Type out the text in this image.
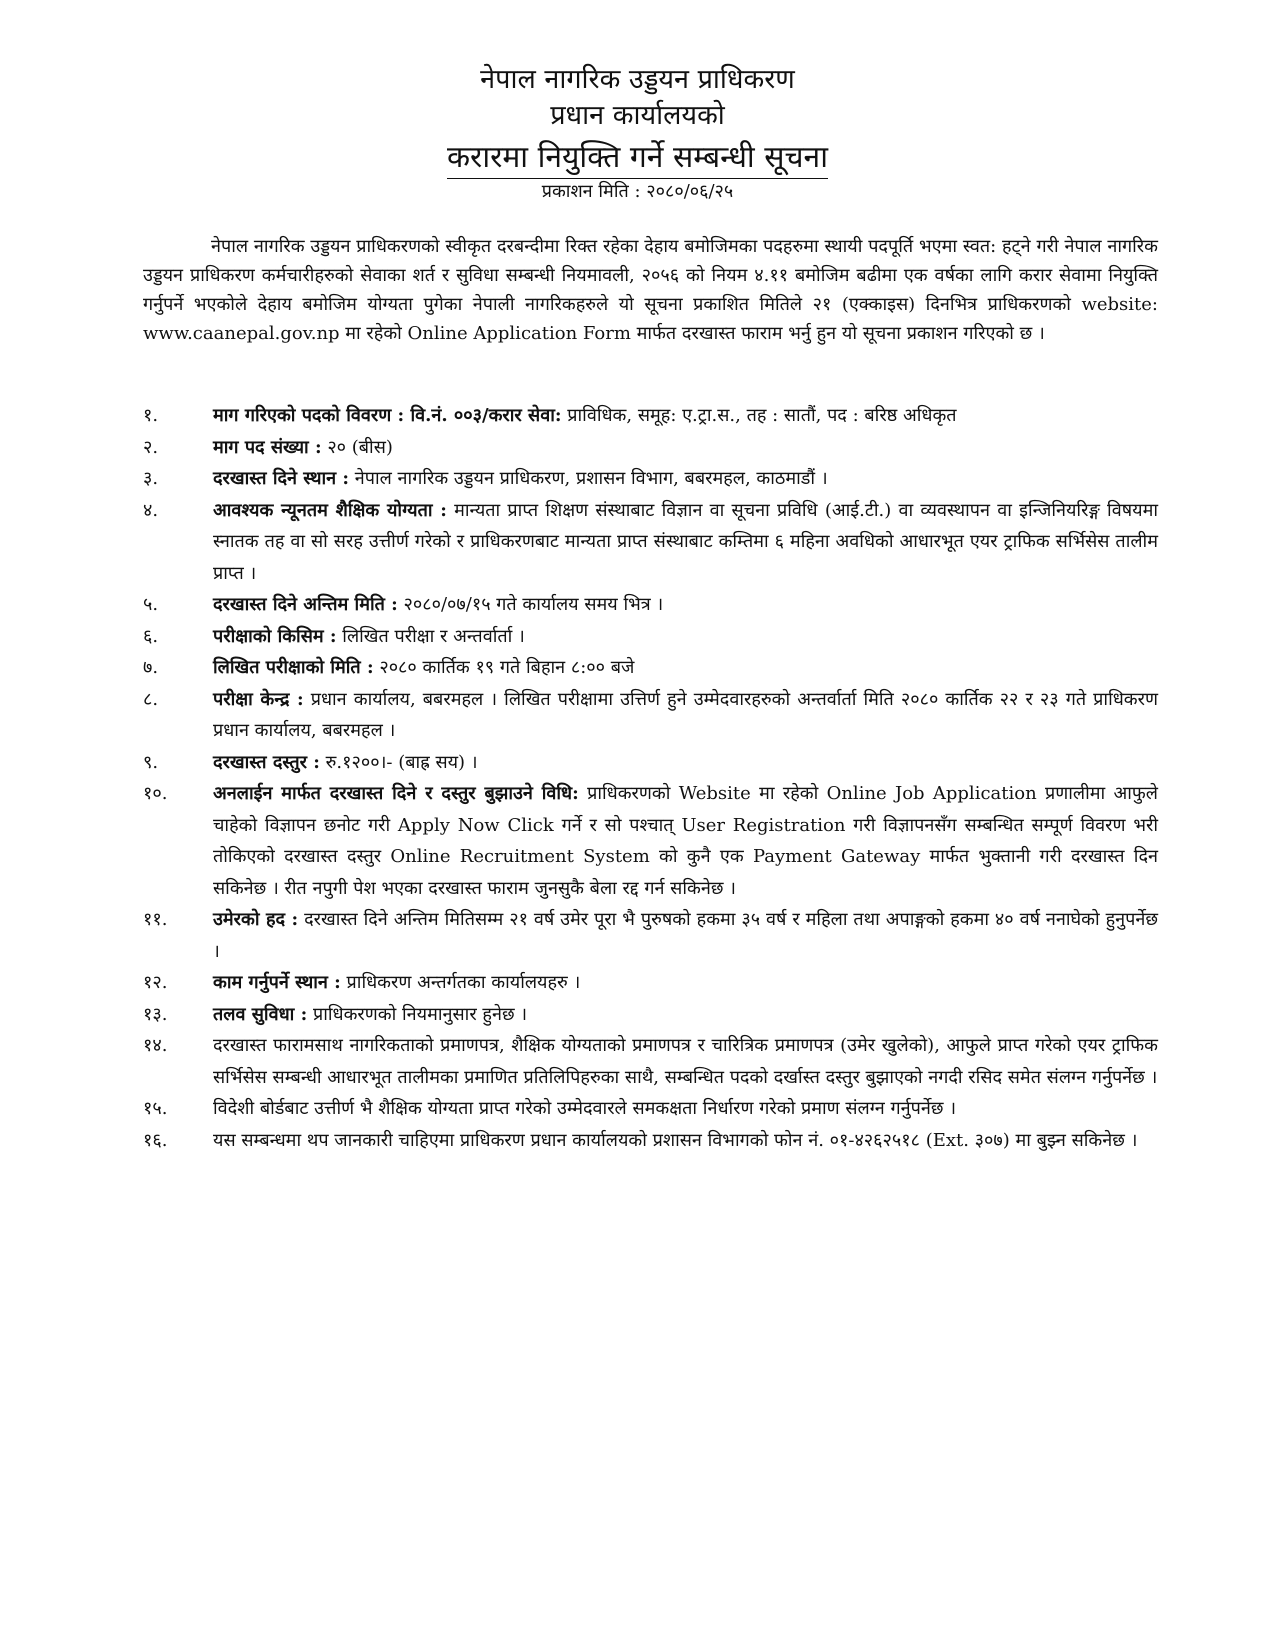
नेपाल नागरिक उड्डयन प्राधिकरण
प्रधान कार्यालयको
करारमा नियुक्ति गर्ने सम्बन्धी सूचना
प्रकाशन मिति : २०८०/०६/२५

नेपाल नागरिक उड्डयन प्राधिकरणको स्वीकृत दरबन्दीमा रिक्त रहेका देहाय बमोजिमका पदहरुमा स्थायी पदपूर्ति भएमा स्वत: हट्ने गरी नेपाल नागरिक उड्डयन प्राधिकरण कर्मचारीहरुको सेवाका शर्त र सुविधा सम्बन्धी नियमावली, २०५६ को नियम ४.११ बमोजिम बढीमा एक वर्षका लागि करार सेवामा नियुक्ति गर्नुपर्ने भएकोले देहाय बमोजिम योग्यता पुगेका नेपाली नागरिकहरुले यो सूचना प्रकाशित मितिले २१ (एक्काइस) दिनभित्र प्राधिकरणको website: www.caanepal.gov.np मा रहेको Online Application Form मार्फत दरखास्त फाराम भर्नु हुन यो सूचना प्रकाशन गरिएको छ ।

१.	माग गरिएको पदको विवरण : वि.नं. ००३/करार सेवा: प्राविधिक, समूह: ए.ट्रा.स., तह : सातौं, पद : बरिष्ठ अधिकृत
२.	माग पद संख्या : २० (बीस)
३.	दरखास्त दिने स्थान : नेपाल नागरिक उड्डयन प्राधिकरण, प्रशासन विभाग, बबरमहल, काठमाडौं ।
४.	आवश्यक न्यूनतम शैक्षिक योग्यता : मान्यता प्राप्त शिक्षण संस्थाबाट विज्ञान वा सूचना प्रविधि (आई.टी.) वा व्यवस्थापन वा इन्जिनियरिङ्ग विषयमा स्नातक तह वा सो सरह उत्तीर्ण गरेको र प्राधिकरणबाट मान्यता प्राप्त संस्थाबाट कम्तिमा ६ महिना अवधिको आधारभूत एयर ट्राफिक सर्भिसेस तालीम प्राप्त ।
५.	दरखास्त दिने अन्तिम मिति : २०८०/०७/१५ गते कार्यालय समय भित्र ।
६.	परीक्षाको किसिम : लिखित परीक्षा र अन्तर्वार्ता ।
७.	लिखित परीक्षाको मिति : २०८० कार्तिक १९ गते बिहान ८:०० बजे
८.	परीक्षा केन्द्र : प्रधान कार्यालय, बबरमहल । लिखित परीक्षामा उत्तिर्ण हुने उम्मेदवारहरुको अन्तर्वार्ता मिति २०८० कार्तिक २२ र २३ गते प्राधिकरण प्रधान कार्यालय, बबरमहल ।
९.	दरखास्त दस्तुर : रु.१२००।- (बाह्र सय) ।
१०.	अनलाईन मार्फत दरखास्त दिने र दस्तुर बुझाउने विधि: प्राधिकरणको Website मा रहेको Online Job Application प्रणालीमा आफुले चाहेको विज्ञापन छनोट गरी Apply Now Click गर्ने र सो पश्चात् User Registration गरी विज्ञापनसँग सम्बन्धित सम्पूर्ण विवरण भरी तोकिएको दरखास्त दस्तुर Online Recruitment System को कुनै एक Payment Gateway मार्फत भुक्तानी गरी दरखास्त दिन सकिनेछ । रीत नपुगी पेश भएका दरखास्त फाराम जुनसुकै बेला रद्द गर्न सकिनेछ ।
११.	उमेरको हद : दरखास्त दिने अन्तिम मितिसम्म २१ वर्ष उमेर पूरा भै पुरुषको हकमा ३५ वर्ष र महिला तथा अपाङ्गको हकमा ४० वर्ष ननाघेको हुनुपर्नेछ ।
१२.	काम गर्नुपर्ने स्थान : प्राधिकरण अन्तर्गतका कार्यालयहरु ।
१३.	तलव सुविधा : प्राधिकरणको नियमानुसार हुनेछ ।
१४.	दरखास्त फारामसाथ नागरिकताको प्रमाणपत्र, शैक्षिक योग्यताको प्रमाणपत्र र चारित्रिक प्रमाणपत्र (उमेर खुलेको), आफुले प्राप्त गरेको एयर ट्राफिक सर्भिसेस सम्बन्धी आधारभूत तालीमका प्रमाणित प्रतिलिपिहरुका साथै, सम्बन्धित पदको दर्खास्त दस्तुर बुझाएको नगदी रसिद समेत संलग्न गर्नुपर्नेछ ।
१५.	विदेशी बोर्डबाट उत्तीर्ण भै शैक्षिक योग्यता प्राप्त गरेको उम्मेदवारले समकक्षता निर्धारण गरेको प्रमाण संलग्न गर्नुपर्नेछ ।
१६.	यस सम्बन्धमा थप जानकारी चाहिएमा प्राधिकरण प्रधान कार्यालयको प्रशासन विभागको फोन नं. ०१-४२६२५१८ (Ext. ३०७) मा बुझ्न सकिनेछ ।
